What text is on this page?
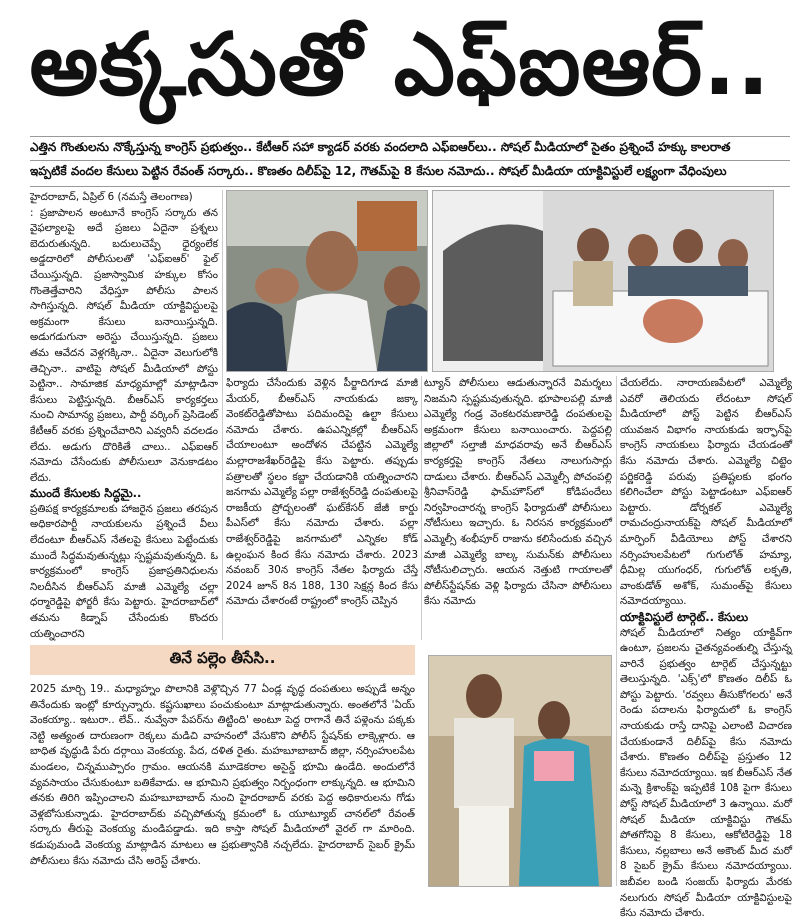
అక్కసుతో ఎఫ్ఐఆర్..
ఎత్తిన గొంతులను నొక్కేస్తున్న కాంగ్రెస్ ప్రభుత్వం.. కేటీఆర్ సహా క్యాడర్ వరకు వందలాది ఎఫ్ఐఆర్‌లు.. సోషల్ మీడియాలో సైతం ప్రశ్నించే హక్కు కాలరాత
ఇప్పటికే వందల కేసులు పెట్టిన రేవంత్ సర్కారు.. కొణతం దిలీప్‌పై 12, గౌతమ్‌పై 8 కేసుల నమోదు.. సోషల్ మీడియా యాక్టివిస్టులే లక్ష్యంగా వేధింపులు

హైదరాబాద్, ఏప్రిల్ 6 (నమస్తే తెలంగాణ)

: ప్రజాపాలన అంటూనే కాంగ్రెస్ సర్కారు తన వైఫల్యాలపై అదే ప్రజలు ఏదైనా ప్రశ్నలు బెదురుతున్నది. బదులుచెప్పే ధైర్యంలేక అడ్డదారిలో పోలీసులతో 'ఎఫ్ఐఆర్' ఫైల్ చేయిస్తున్నది. ప్రజాస్వామిక హక్కుల కోసం గొంతెత్తేవారిని వేధిస్తూ పోలీసు పాలన సాగిస్తున్నది. సోషల్ మీడియా యాక్టివిస్టులపై అక్రమంగా కేసులు బనాయిస్తున్నది. అడుగడుగునా అరెస్టు చేయిస్తున్నది. ప్రజలు తమ ఆవేదన వెళ్లగక్కినా.. ఏదైనా వెలుగులోకి తెచ్చినా.. వాటిపై సోషల్ మీడియాలో పోస్టు పెట్టినా.. సామాజిక మాధ్యమాల్లో మాట్లాడినా కేసులు పెట్టిస్తున్నది. బీఆర్ఎస్ కార్యకర్తలు నుంచి సామాన్య ప్రజలు, పార్టీ వర్కింగ్ ప్రెసిడెంట్ కేటీఆర్ వరకు ప్రశ్నించేవారిని ఎవ్వరినీ వదలడం లేదు. అడుగు దొరికితే చాలు.. ఎఫ్ఐఆర్ నమోదు చేసేందుకు పోలీసులూ వెనుకాడటం లేదు.

ముందే కేసులకు సిద్ధమై..

ప్రతిపక్ష కార్యక్రమాలకు హాజరైన ప్రజలు తరపున అధికారపార్టీ నాయకులను ప్రశ్నించే వీలు లేదంటూ బీఆర్ఎస్ నేతలపై కేసులు పెట్టేందుకు ముందే సిద్ధమవుతున్నట్లు స్పష్టమవుతున్నది. ఓ కార్యక్రమంలో కాంగ్రెస్ ప్రజాప్రతినిధులను నిలదీసిన బీఆర్ఎస్ మాజీ ఎమ్మెల్యే చల్లా ధర్మారెడ్డిపై ఫోర్జరీ కేసు పెట్టారు. హైదరాబాద్‌లో తమను కిడ్నాప్ చేసేందుకు కొందరు యత్నించారని

ఫిర్యాదు చేసేందుకు వెళ్లిన పీర్జాదిగూడ మాజీ మేయర్, బీఆర్ఎస్ నాయకుడు జక్కా వెంకట్‌రెడ్డితోపాటు పదిమందిపై ఉల్టా కేసులు నమోదు చేశారు. ఉపఎన్నికల్లో బీఆర్ఎస్ చేయాలంటూ అందోళన చేపట్టిన ఎమ్మెల్యే మల్లారాజశేఖర్‌రెడ్డిపై కేసు పెట్టారు. తప్పుడు పత్రాలతో స్థలం కబ్జా చేయడానికి యత్నించారని జనగామ ఎమ్మెల్యే పల్లా రాజేశ్వర్‌రెడ్డి దంపతులపై రాజకీయ ప్రోద్బలంతో ఘట్‌కేసర్ జేజీ కార్డు పీఎస్‌లో కేసు నమోదు చేశారు. పల్లా రాజేశ్వర్‌రెడ్డిపై జనగామలో ఎన్నికల కోడ్ ఉల్లంఘన కింద కేసు నమోదు చేశారు. 2023 నవంబర్ 30న కాంగ్రెస్ నేతల ఫిర్యాదు చేస్తే 2024 జూన్ 8న 188, 130 సెక్షన్ల కింద కేసు నమోదు చేశారంటే రాష్ట్రంలో కాంగ్రెస్ చెప్పిన

ట్యూన్ పోలీసులు ఆడుతున్నారనే విమర్శలు నిజమని స్పష్టమవుతున్నది. భూపాలపల్లి మాజీ ఎమ్మెల్యే గండ్ర వెంకటరమణారెడ్డి దంపతులపై అక్రమంగా కేసులు బనాయించారు. పెద్దపల్లి జిల్లాలో సల్తాజీ మాధవరావు అనే బీఆర్ఎస్ కార్యకర్తపై కాంగ్రెస్ నేతలు నాలుగుసార్లు దాడులు చేశారు. బీఆర్ఎస్ ఎమ్మెల్సీ పోచంపల్లి శ్రీనివాస్‌రెడ్డి ఫామ్‌హౌస్‌లో కోడిపందేలు నిర్వహించారన్న కాంగ్రెస్ ఫిర్యాదుతో పోలీసులు నోటీసులు ఇచ్చారు. ఓ నిరసన కార్యక్రమంలో ఎమ్మెల్సీ శంభీపూర్ రాజును కలిసేందుకు వచ్చిన మాజీ ఎమ్మెల్యే బాల్క సుమన్‌కు పోలీసులు నోటీసులిచ్చారు. ఆయన నెత్తుటి గాయాలతో పోలీస్‌స్టేషన్‌కు వెళ్లి ఫిర్యాదు చేసినా పోలీసులు కేసు నమోదు

చేయలేదు. నారాయణపేటలో ఎమ్మెల్యే ఎవరో తెలియదు లేదంటూ సోషల్ మీడియాలో పోస్ట్ పెట్టిన బీఆర్ఎస్ యువజన విభాగం నాయకుడు ఇర్ఫాన్‌పై కాంగ్రెస్ నాయకులు ఫిర్యాదు చేయడంతో కేసు నమోదు చేశారు. ఎమ్మెల్యే చిట్టెం పర్ణికరెడ్డి పరువు ప్రతిష్టలకు భంగం కలిగించేలా పోస్టు పెట్టాడంటూ ఎఫ్ఐఆర్ పెట్టారు. డోర్నకల్ ఎమ్మెల్యే రామచంద్రునాయక్‌పై సోషల్ మీడియాలో మార్ఫింగ్ వీడియోలు పోస్ట్ చేశారని నర్సింహులపేటలో గుగులోత్ హమ్యా, ధీమిల్ల యుగంధర్, గుగులోత్ లక్పతి, వాంకుడోత్ అశోక్, సుమంత్‌పై కేసులు నమోదయ్యాయి.

యాక్టివిస్టులే టార్గెట్.. కేసులు

సోషల్ మీడియాలో నిత్యం యాక్టివ్‌గా ఉంటూ, ప్రజలను చైతన్యవంతుల్ని చేస్తున్న వారినే ప్రభుత్వం టార్గెట్ చేస్తున్నట్టు తెలుస్తున్నది. 'ఎక్స్'లో కొణతం దిలీప్ ఓ పోస్టు పెట్టారు. 'రవ్వలు తీసుకోగలరు' అనే రెండు పదాలను ఫిర్యాదులో ఓ కాంగ్రెస్ నాయకుడు రాస్తే దానిపై ఎలాంటి విచారణ చేయకుండానే దిలీప్‌పై కేసు నమోదు చేశారు. కొణతం దిలీప్‌పై ప్రస్తుతం 12 కేసులు నమోదయ్యాయి. ఇక బీఆర్ఎస్ నేత మన్నె క్రిశాంక్‌పై ఇప్పటికే 10కి పైగా కేసులు పోస్ట్ సోషల్ మీడియాలో 3 ఉన్నాయి. మరో సోషల్ మీడియా యాక్టివిస్టు గౌతమ్ పోతగోనిపై 8 కేసులు, ఆకోటిరెడ్డిపై 18 కేసులు, నల్లబాలు అనే అకౌంట్ మీద మరో 8 సైబర్ క్రైమ్ కేసులు నమోదయ్యాయి. జబీవల బండి సంజయ్ ఫిర్యాదు మేరకు నలుగురు సోషల్ మీడియా యాక్టివిస్టులపై కేసు నమోదు చేశారు.

తినే పల్లెం తీసేసి..

2025 మార్చి 19.. మధ్యాహ్నం పొలానికి వెళ్లొచ్చిన 77 ఏండ్ల వృద్ధ దంపతులు అప్పుడే అన్నం తినేందుకు ఇంట్లో కూర్చున్నారు. కష్టసుఖాలు పంచుకుంటూ మాట్లాడుతున్నారు. అంతలోనే 'ఏయ్ వెంకయ్యా.. ఇటురా.. లేవ్.. నువ్వేనా పేపర్‌ను తిట్టింది' అంటూ పెద్ద రాగానే తినే పళ్లెంను పక్కకు నెట్టి అత్యంత దారుణంగా రెక్కలు మడిచి వాహనంలో వేసుకొని పోలీస్ స్టేషన్‌కు లాక్కెళ్లారు. ఆ బాధిత వృద్ధుడి పేరు దర్గాయి వెంకయ్య. పేద, దళిత రైతు. మహబూబాబాద్ జిల్లా, నర్సింహులపేట మండలం, చిన్నముప్పారం గ్రామం. ఆయనకి మూడెకరాల అసైన్డ్ భూమి ఉండేది. అందులోనే వ్యవసాయం చేసుకుంటూ బతికేవాడు. ఆ భూమిని ప్రభుత్వం నిర్బంధంగా లాక్కున్నది. ఆ భూమిని తనకు తిరిగి ఇప్పించాలని మహబూబాబాద్ నుంచి హైదరాబాద్ వరకు పెద్ద అధికారులను గోడు వెళ్లబోసుకున్నాడు. హైదరాబాద్‌కు వచ్చిపోతున్న క్రమంలో ఓ యూట్యూబ్ చానల్‌లో రేవంత్ సర్కారు తీరుపై వెంకయ్య మండిపడ్డాడు. ఇది కాస్తా సోషల్ మీడియాలో వైరల్ గా మారింది. కడుపుమండి వెంకయ్య మాట్లాడిన మాటలు ఆ ప్రభుత్వానికి నచ్చలేదు. హైదరాబాద్ సైబర్ క్రైమ్ పోలీసులు కేసు నమోదు చేసి అరెస్ట్ చేశారు.
